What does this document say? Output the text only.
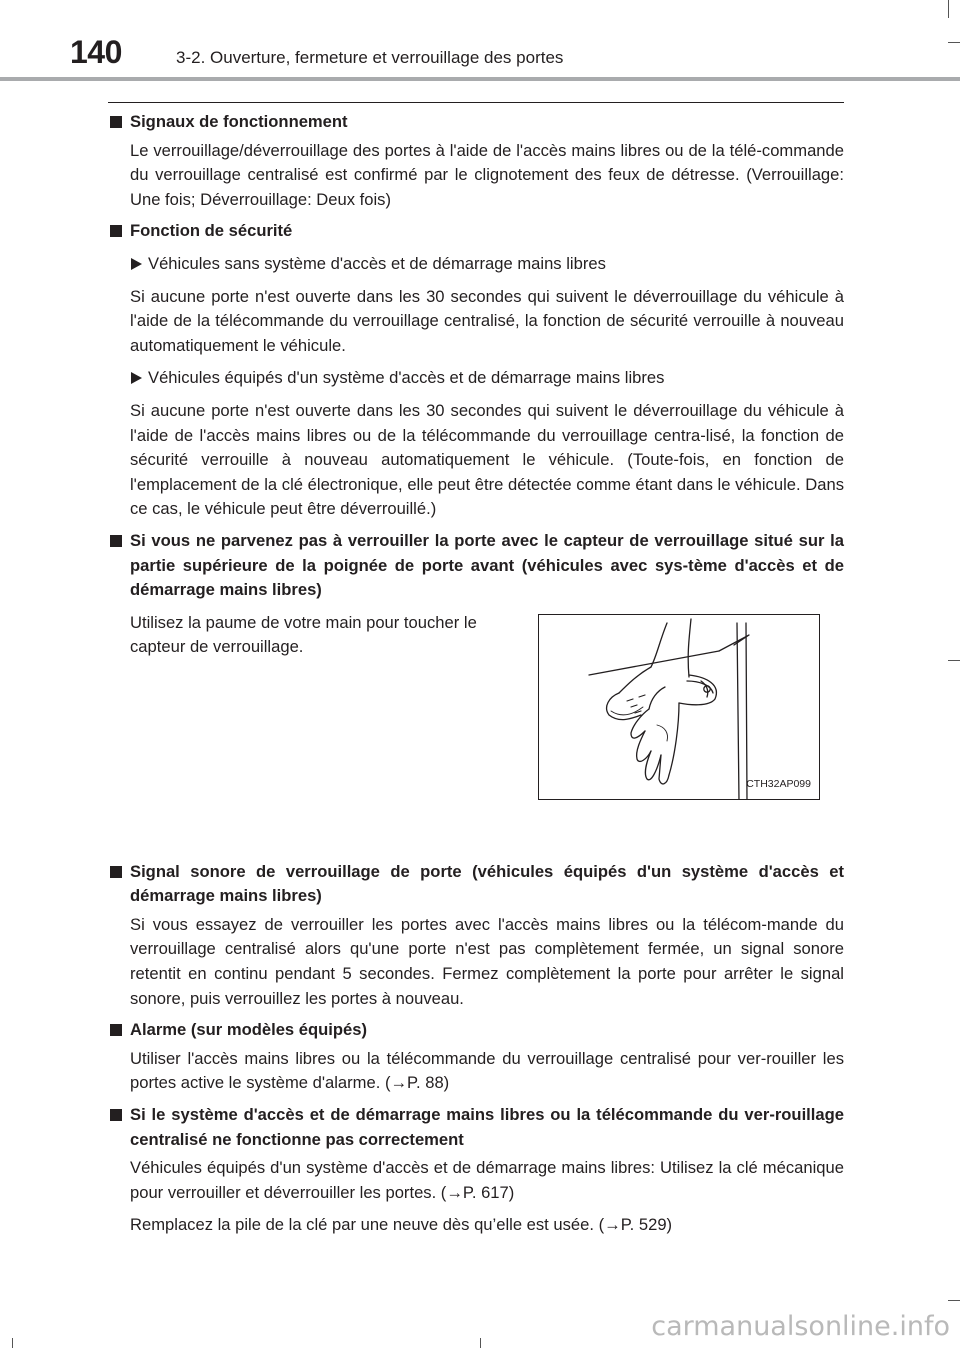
140	3-2. Ouverture, fermeture et verrouillage des portes
Signaux de fonctionnement
Le verrouillage/déverrouillage des portes à l'aide de l'accès mains libres ou de la télé-commande du verrouillage centralisé est confirmé par le clignotement des feux de détresse. (Verrouillage: Une fois; Déverrouillage: Deux fois)
Fonction de sécurité
Véhicules sans système d'accès et de démarrage mains libres
Si aucune porte n'est ouverte dans les 30 secondes qui suivent le déverrouillage du véhicule à l'aide de la télécommande du verrouillage centralisé, la fonction de sécurité verrouille à nouveau automatiquement le véhicule.
Véhicules équipés d'un système d'accès et de démarrage mains libres
Si aucune porte n'est ouverte dans les 30 secondes qui suivent le déverrouillage du véhicule à l'aide de l'accès mains libres ou de la télécommande du verrouillage centra-lisé, la fonction de sécurité verrouille à nouveau automatiquement le véhicule. (Toute-fois, en fonction de l'emplacement de la clé électronique, elle peut être détectée comme étant dans le véhicule. Dans ce cas, le véhicule peut être déverrouillé.)
Si vous ne parvenez pas à verrouiller la porte avec le capteur de verrouillage situé sur la partie supérieure de la poignée de porte avant (véhicules avec sys-tème d'accès et de démarrage mains libres)
Utilisez la paume de votre main pour toucher le capteur de verrouillage.
CTH32AP099
Signal sonore de verrouillage de porte (véhicules équipés d'un système d'accès et démarrage mains libres)
Si vous essayez de verrouiller les portes avec l'accès mains libres ou la télécom-mande du verrouillage centralisé alors qu'une porte n'est pas complètement fermée, un signal sonore retentit en continu pendant 5 secondes. Fermez complètement la porte pour arrêter le signal sonore, puis verrouillez les portes à nouveau.
Alarme (sur modèles équipés)
Utiliser l'accès mains libres ou la télécommande du verrouillage centralisé pour ver-rouiller les portes active le système d'alarme. (→P. 88)
Si le système d'accès et de démarrage mains libres ou la télécommande du ver-rouillage centralisé ne fonctionne pas correctement
Véhicules équipés d'un système d'accès et de démarrage mains libres: Utilisez la clé mécanique pour verrouiller et déverrouiller les portes. (→P. 617)
Remplacez la pile de la clé par une neuve dès qu’elle est usée. (→P. 529)
carmanualsonline.info
